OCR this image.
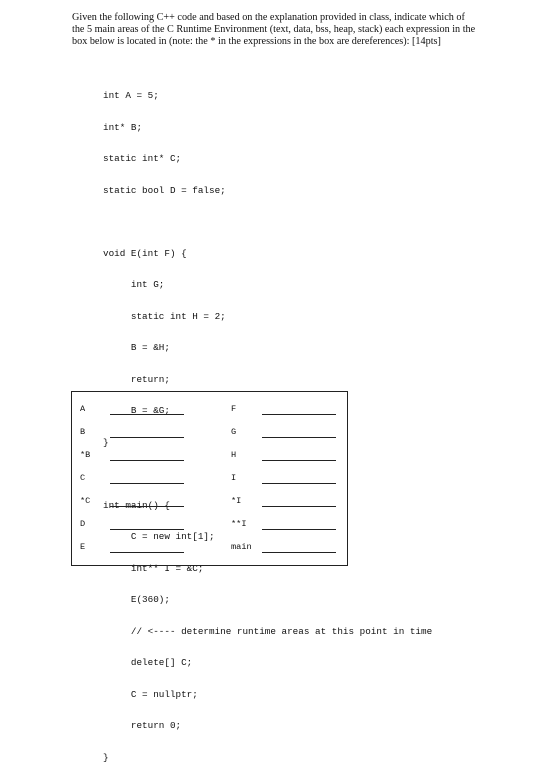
Given the following C++ code and based on the explanation provided in class, indicate which of the 5 main areas of the C Runtime Environment (text, data, bss, heap, stack) each expression in the box below is located in (note: the * in the expressions in the box are dereferences): [14pts]

int A = 5;

int* B;

static int* C;

static bool D = false;

void E(int F) {

int G;

static int H = 2;

B = &H;

return;

B = &G;

}

int main() {

C = new int[1];

int** I = &C;

E(360);

// <---- determine runtime areas at this point in time

delete[] C;

C = nullptr;

return 0;

}

A
B
*B
C
*C
D
E
F
G
H
I
*I
**I
main
